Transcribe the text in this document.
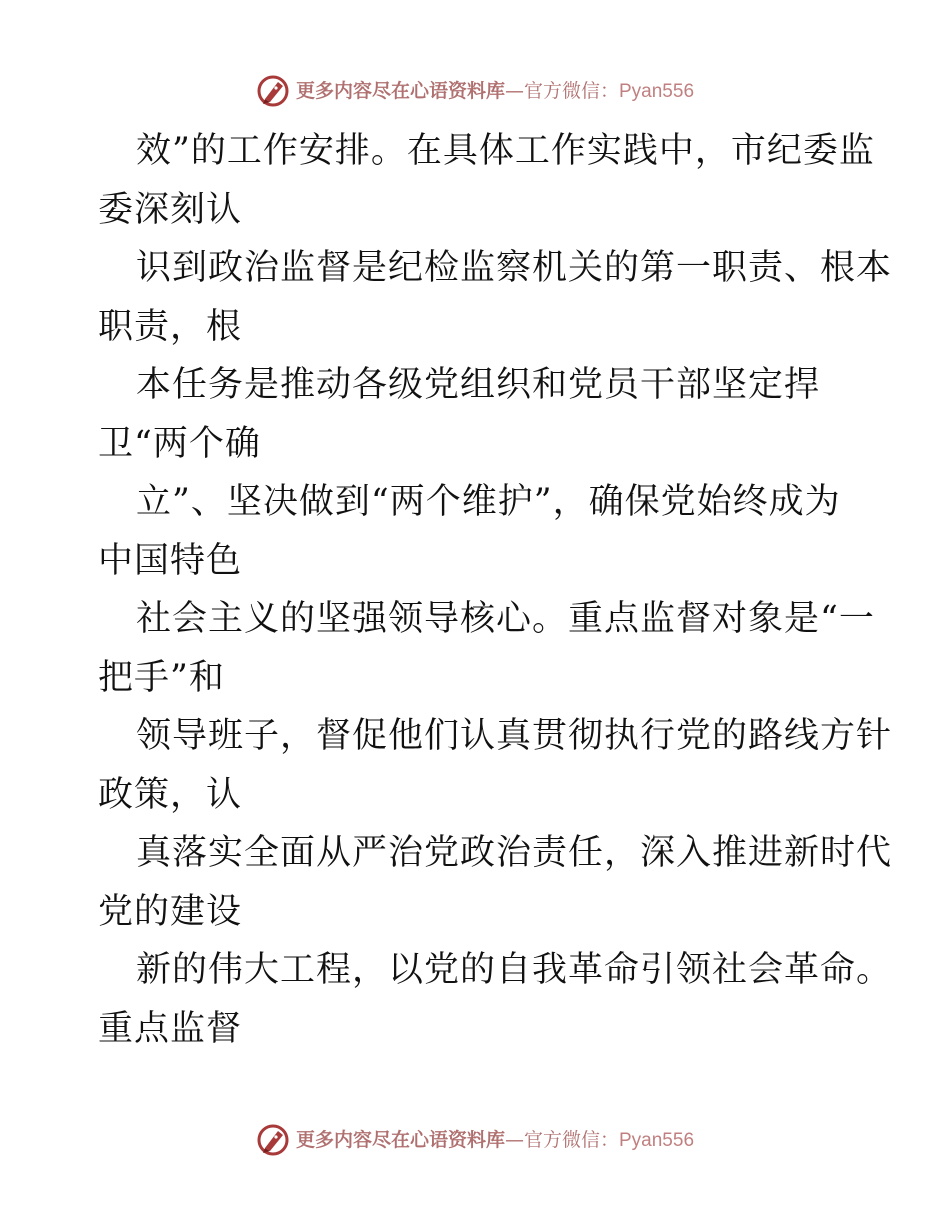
更多内容尽在心语资料库—官方微信：Pyan556
效”的工作安排。在具体工作实践中，市纪委监
委深刻认
识到政治监督是纪检监察机关的第一职责、根本
职责，根
本任务是推动各级党组织和党员干部坚定捍
卫“两个确
立”、坚决做到“两个维护”，确保党始终成为
中国特色
社会主义的坚强领导核心。重点监督对象是“一
把手”和
领导班子，督促他们认真贯彻执行党的路线方针
政策，认
真落实全面从严治党政治责任，深入推进新时代
党的建设
新的伟大工程，以党的自我革命引领社会革命。
重点监督
更多内容尽在心语资料库—官方微信：Pyan556
